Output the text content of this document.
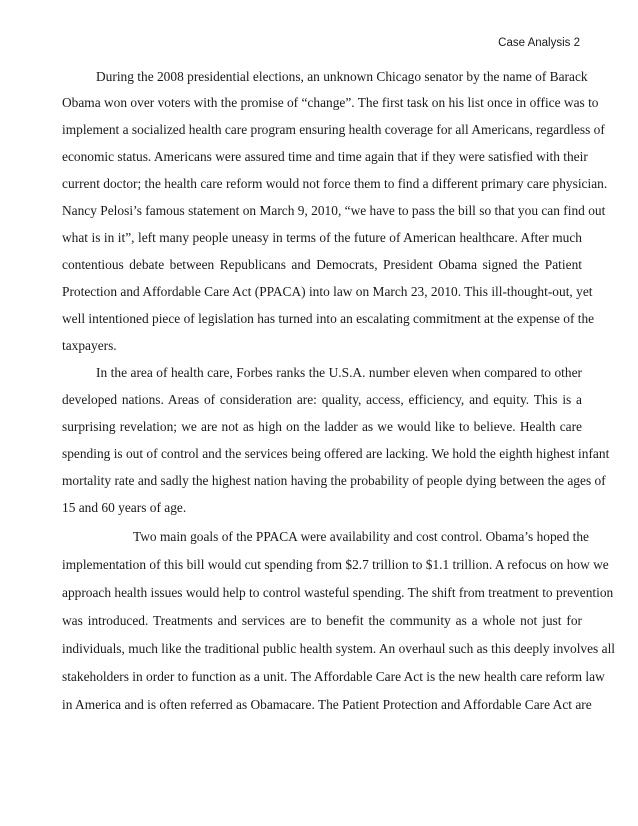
Case Analysis 2
During the 2008 presidential elections, an unknown Chicago senator by the name of Barack
Obama won over voters with the promise of “change”. The first task on his list once in office was to
implement a socialized health care program ensuring health coverage for all Americans, regardless of
economic status. Americans were assured time and time again that if they were satisfied with their
current doctor; the health care reform would not force them to find a different primary care physician.
Nancy Pelosi’s famous statement on March 9, 2010, “we have to pass the bill so that you can find out
what is in it”, left many people uneasy in terms of the future of American healthcare. After much
contentious debate between Republicans and Democrats, President Obama signed the Patient
Protection and Affordable Care Act (PPACA) into law on March 23, 2010. This ill-thought-out, yet
well intentioned piece of legislation has turned into an escalating commitment at the expense of the
taxpayers.
In the area of health care, Forbes ranks the U.S.A. number eleven when compared to other
developed nations. Areas of consideration are: quality, access, efficiency, and equity. This is a
surprising revelation; we are not as high on the ladder as we would like to believe. Health care
spending is out of control and the services being offered are lacking. We hold the eighth highest infant
mortality rate and sadly the highest nation having the probability of people dying between the ages of
15 and 60 years of age.
Two main goals of the PPACA were availability and cost control. Obama’s hoped the
implementation of this bill would cut spending from $2.7 trillion to $1.1 trillion. A refocus on how we
approach health issues would help to control wasteful spending. The shift from treatment to prevention
was introduced. Treatments and services are to benefit the community as a whole not just for
individuals, much like the traditional public health system. An overhaul such as this deeply involves all
stakeholders in order to function as a unit. The Affordable Care Act is the new health care reform law
in America and is often referred as Obamacare. The Patient Protection and Affordable Care Act are
